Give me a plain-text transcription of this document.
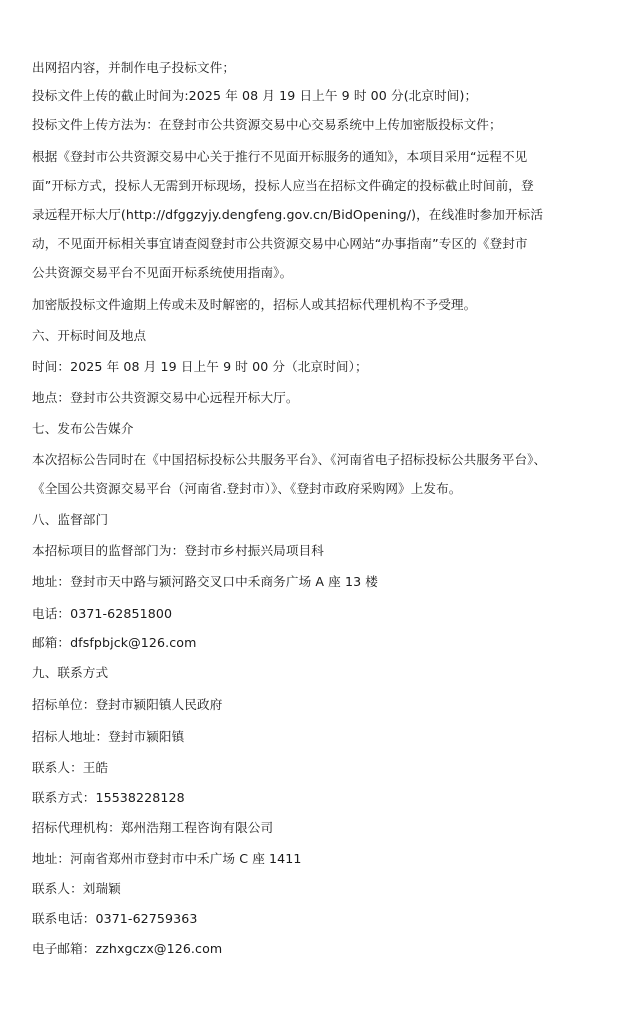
出网招内容，并制作电子投标文件；
投标文件上传的截止时间为:2025 年 08 月 19 日上午 9 时 00 分(北京时间)；
投标文件上传方法为：在登封市公共资源交易中心交易系统中上传加密版投标文件；
根据《登封市公共资源交易中心关于推行不见面开标服务的通知》，本项目采用“远程不见
面”开标方式，投标人无需到开标现场，投标人应当在招标文件确定的投标截止时间前，登
录远程开标大厅(http://dfggzyjy.dengfeng.gov.cn/BidOpening/)，在线准时参加开标活
动，不见面开标相关事宜请查阅登封市公共资源交易中心网站“办事指南”专区的《登封市
公共资源交易平台不见面开标系统使用指南》。
加密版投标文件逾期上传或未及时解密的，招标人或其招标代理机构不予受理。
六、开标时间及地点
时间：2025 年 08 月 19 日上午 9 时 00 分（北京时间）；
地点：登封市公共资源交易中心远程开标大厅。
七、发布公告媒介
本次招标公告同时在《中国招标投标公共服务平台》、《河南省电子招标投标公共服务平台》、
《全国公共资源交易平台（河南省.登封市）》、《登封市政府采购网》上发布。
八、监督部门
本招标项目的监督部门为：登封市乡村振兴局项目科
地址：登封市天中路与颍河路交叉口中禾商务广场 A 座 13 楼
电话：0371-62851800
邮箱：dfsfpbjck@126.com
九、联系方式
招标单位：登封市颍阳镇人民政府
招标人地址：登封市颍阳镇
联系人：王皓
联系方式：15538228128
招标代理机构：郑州浩翔工程咨询有限公司
地址：河南省郑州市登封市中禾广场 C 座 1411
联系人：刘瑞颖
联系电话：0371-62759363
电子邮箱：zzhxgczx@126.com
